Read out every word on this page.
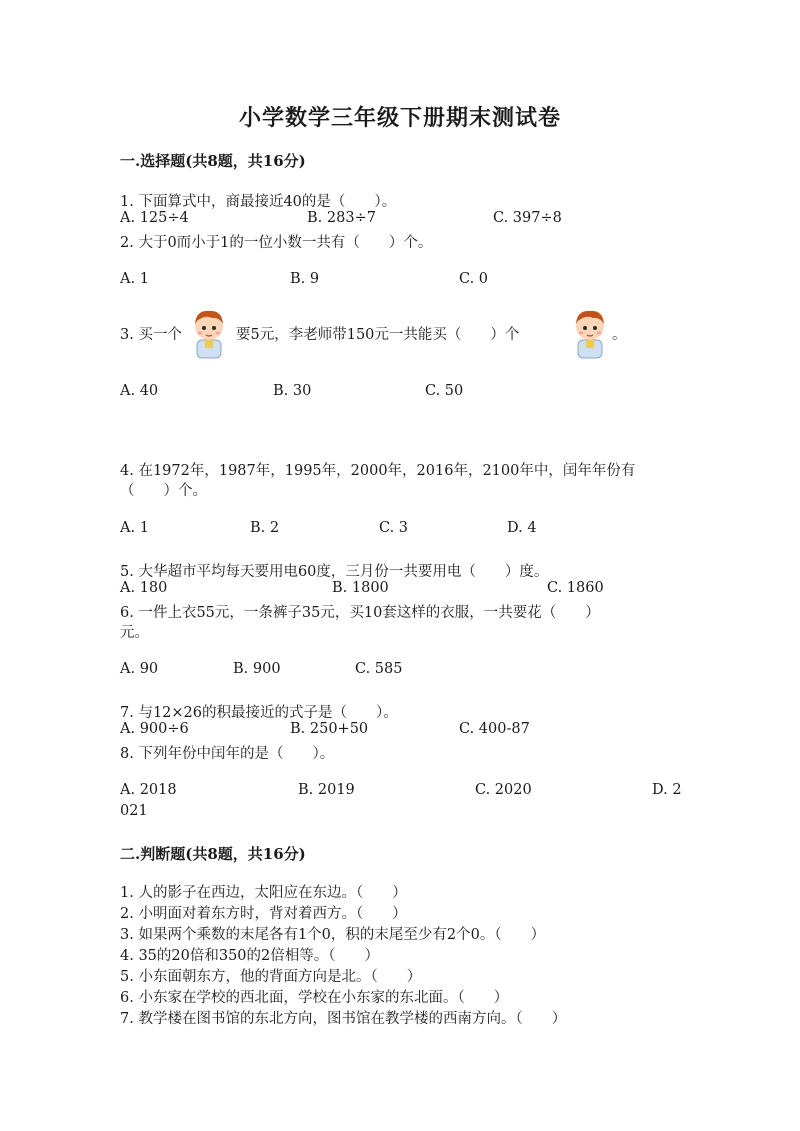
小学数学三年级下册期末测试卷
一.选择题(共8题，共16分)
1. 下面算式中，商最接近40的是（　　）。
A. 125÷4	B. 283÷7	C. 397÷8
2. 大于0而小于1的一位小数一共有（　　）个。
A. 1	B. 9	C. 0
3. 买一个	要5元，李老师带150元一共能买（　　）个	。
A. 40	B. 30	C. 50
4. 在1972年，1987年，1995年，2000年，2016年，2100年中，闰年年份有
（　　）个。
A. 1	B. 2	C. 3	D. 4
5. 大华超市平均每天要用电60度，三月份一共要用电（　　）度。
A. 180	B. 1800	C. 1860
6. 一件上衣55元，一条裤子35元，买10套这样的衣服，一共要花（　　）
元。
A. 90	B. 900	C. 585
7. 与12×26的积最接近的式子是（　　）。
A. 900÷6	B. 250+50	C. 400-87
8. 下列年份中闰年的是（　　）。
A. 2018	B. 2019	C. 2020	D. 2
021
二.判断题(共8题，共16分)
1. 人的影子在西边，太阳应在东边。（　　）
2. 小明面对着东方时，背对着西方。（　　）
3. 如果两个乘数的末尾各有1个0，积的末尾至少有2个0。（　　）
4. 35的20倍和350的2倍相等。（　　）
5. 小东面朝东方，他的背面方向是北。（　　）
6. 小东家在学校的西北面，学校在小东家的东北面。（　　）
7. 教学楼在图书馆的东北方向，图书馆在教学楼的西南方向。（　　）
